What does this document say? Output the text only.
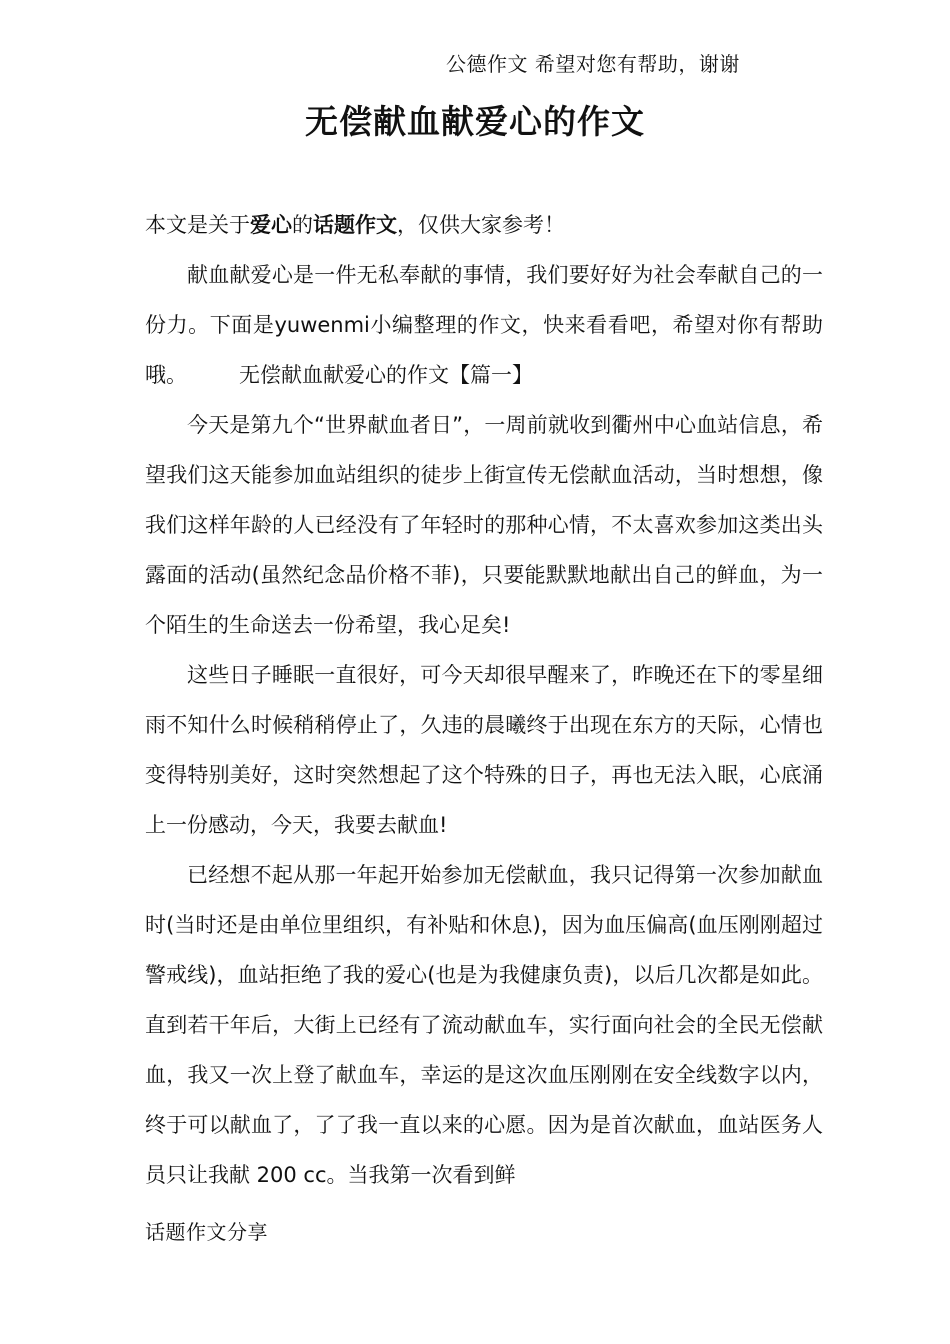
公德作文 希望对您有帮助，谢谢
无偿献血献爱心的作文

本文是关于爱心的话题作文，仅供大家参考！

献血献爱心是一件无私奉献的事情，我们要好好为社会奉献自己的一份力。下面是yuwenmi小编整理的作文，快来看看吧，希望对你有帮助哦。 无偿献血献爱心的作文【篇一】

今天是第九个“世界献血者日”，一周前就收到衢州中心血站信息，希望我们这天能参加血站组织的徒步上街宣传无偿献血活动，当时想想，像我们这样年龄的人已经没有了年轻时的那种心情，不太喜欢参加这类出头露面的活动(虽然纪念品价格不菲)，只要能默默地献出自己的鲜血，为一个陌生的生命送去一份希望，我心足矣!

这些日子睡眠一直很好，可今天却很早醒来了，昨晚还在下的零星细雨不知什么时候稍稍停止了，久违的晨曦终于出现在东方的天际，心情也变得特别美好，这时突然想起了这个特殊的日子，再也无法入眠，心底涌上一份感动，今天，我要去献血!

已经想不起从那一年起开始参加无偿献血，我只记得第一次参加献血时(当时还是由单位里组织，有补贴和休息)，因为血压偏高(血压刚刚超过警戒线)，血站拒绝了我的爱心(也是为我健康负责)，以后几次都是如此。直到若干年后，大街上已经有了流动献血车，实行面向社会的全民无偿献血，我又一次上登了献血车，幸运的是这次血压刚刚在安全线数字以内，终于可以献血了，了了我一直以来的心愿。因为是首次献血，血站医务人员只让我献 200 cc。当我第一次看到鲜

话题作文分享
